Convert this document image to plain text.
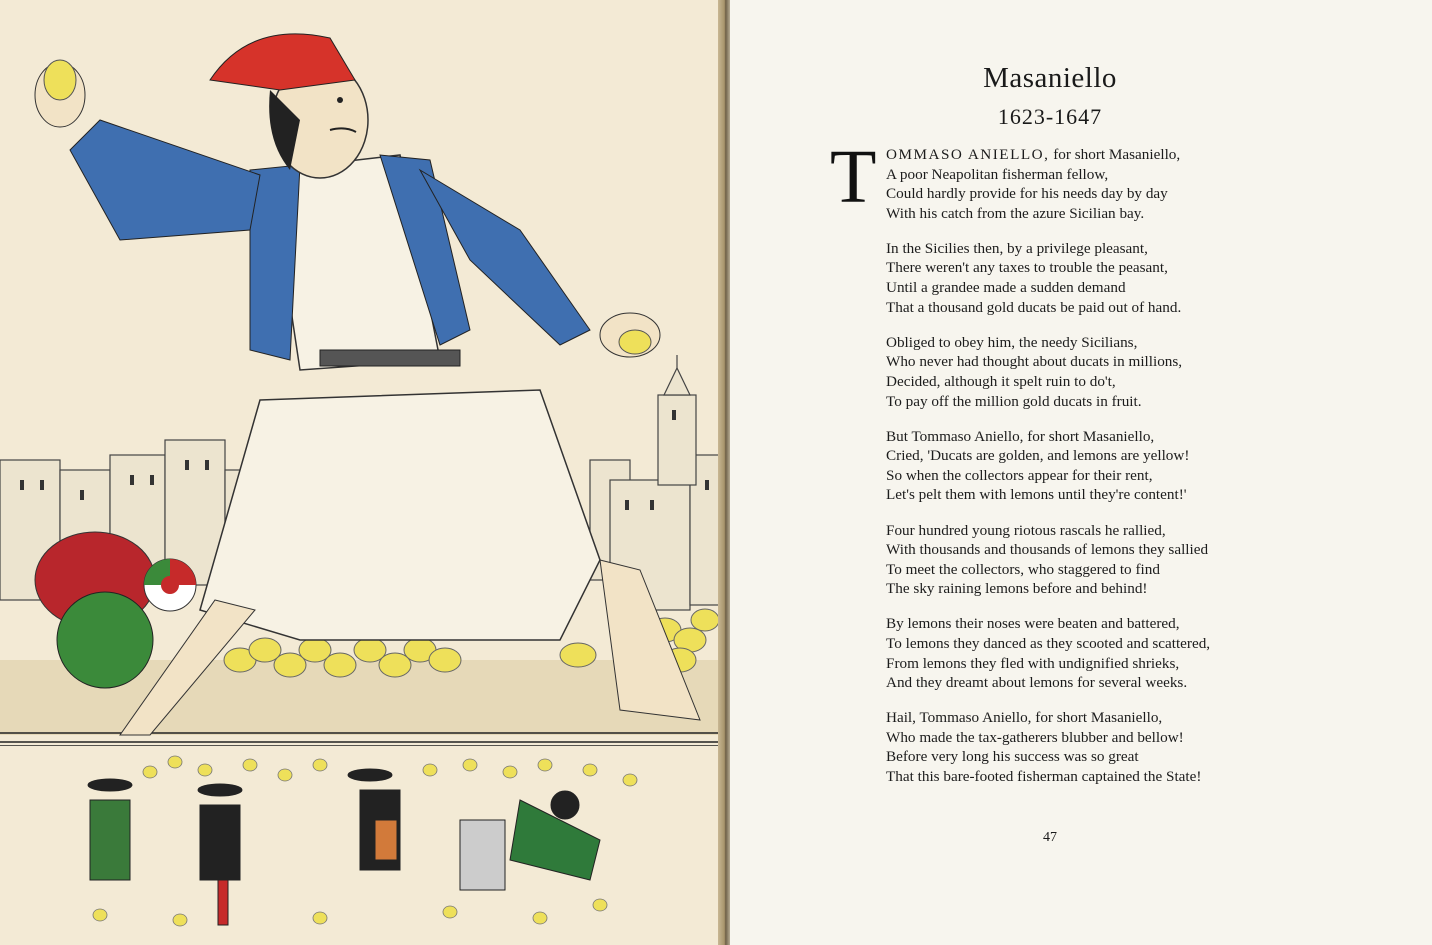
Masaniello
1623-1647
T OMMASO ANIELLO, for short Masaniello,
A poor Neapolitan fisherman fellow,
Could hardly provide for his needs day by day
With his catch from the azure Sicilian bay.
In the Sicilies then, by a privilege pleasant,
There weren't any taxes to trouble the peasant,
Until a grandee made a sudden demand
That a thousand gold ducats be paid out of hand.
Obliged to obey him, the needy Sicilians,
Who never had thought about ducats in millions,
Decided, although it spelt ruin to do't,
To pay off the million gold ducats in fruit.
But Tommaso Aniello, for short Masaniello,
Cried, 'Ducats are golden, and lemons are yellow!
So when the collectors appear for their rent,
Let's pelt them with lemons until they're content!'
Four hundred young riotous rascals he rallied,
With thousands and thousands of lemons they sallied
To meet the collectors, who staggered to find
The sky raining lemons before and behind!
By lemons their noses were beaten and battered,
To lemons they danced as they scooted and scattered,
From lemons they fled with undignified shrieks,
And they dreamt about lemons for several weeks.
Hail, Tommaso Aniello, for short Masaniello,
Who made the tax-gatherers blubber and bellow!
Before very long his success was so great
That this bare-footed fisherman captained the State!
47
